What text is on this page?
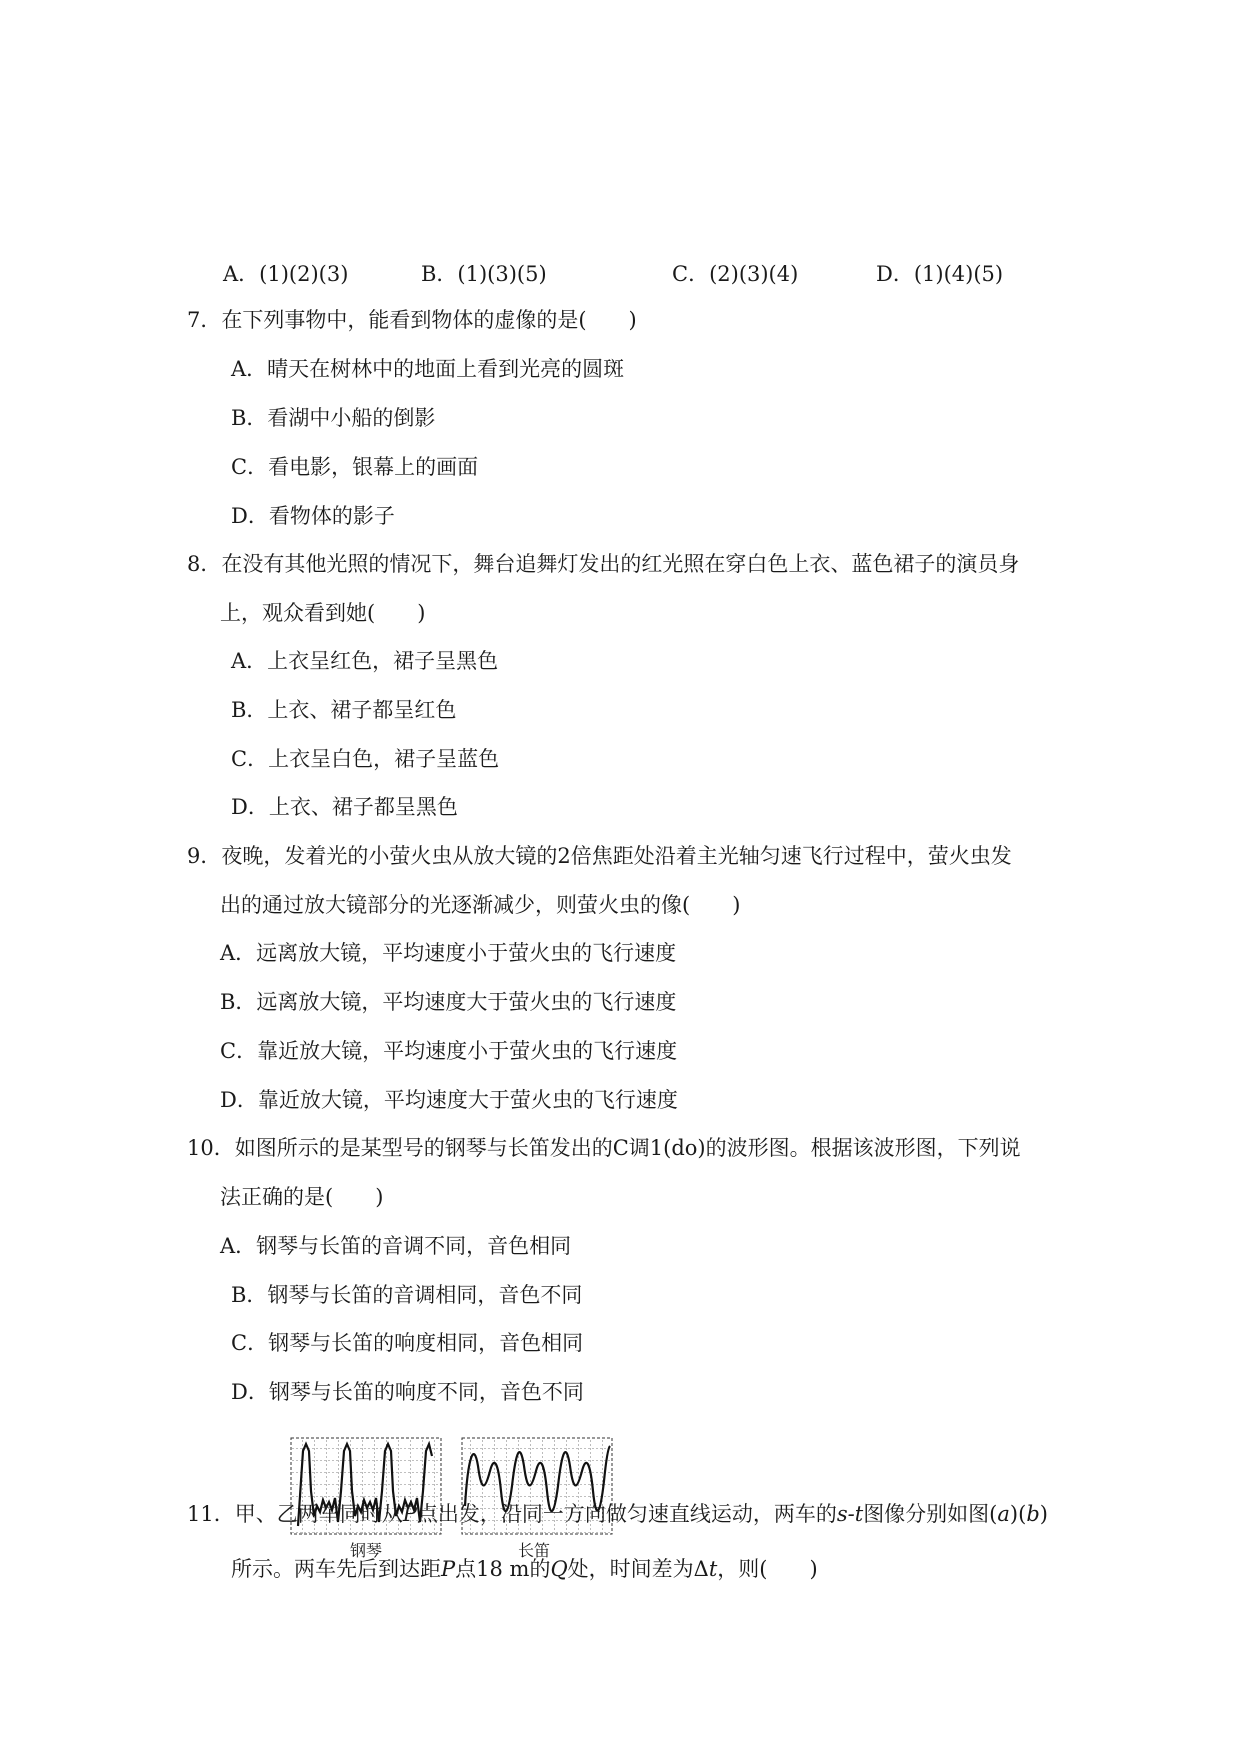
A．(1)(2)(3)	B．(1)(3)(5)	C．(2)(3)(4)	D．(1)(4)(5)
7．在下列事物中，能看到物体的虚像的是(　　)
A．晴天在树林中的地面上看到光亮的圆斑
B．看湖中小船的倒影
C．看电影，银幕上的画面
D．看物体的影子
8．在没有其他光照的情况下，舞台追舞灯发出的红光照在穿白色上衣、蓝色裙子的演员身
上，观众看到她(　　)
A．上衣呈红色，裙子呈黑色
B．上衣、裙子都呈红色
C．上衣呈白色，裙子呈蓝色
D．上衣、裙子都呈黑色
9．夜晚，发着光的小萤火虫从放大镜的2倍焦距处沿着主光轴匀速飞行过程中，萤火虫发
出的通过放大镜部分的光逐渐减少，则萤火虫的像(　　)
A．远离放大镜，平均速度小于萤火虫的飞行速度
B．远离放大镜，平均速度大于萤火虫的飞行速度
C．靠近放大镜，平均速度小于萤火虫的飞行速度
D．靠近放大镜，平均速度大于萤火虫的飞行速度
10．如图所示的是某型号的钢琴与长笛发出的C调1(do)的波形图。根据该波形图，下列说
法正确的是(　　)
A．钢琴与长笛的音调不同，音色相同
B．钢琴与长笛的音调相同，音色不同
C．钢琴与长笛的响度相同，音色相同
D．钢琴与长笛的响度不同，音色不同
11．甲、乙两车同时从P点出发，沿同一方向做匀速直线运动，两车的s-t图像分别如图(a)(b)
钢琴	长笛
所示。两车先后到达距P点18 m的Q处，时间差为Δt，则(　　)
